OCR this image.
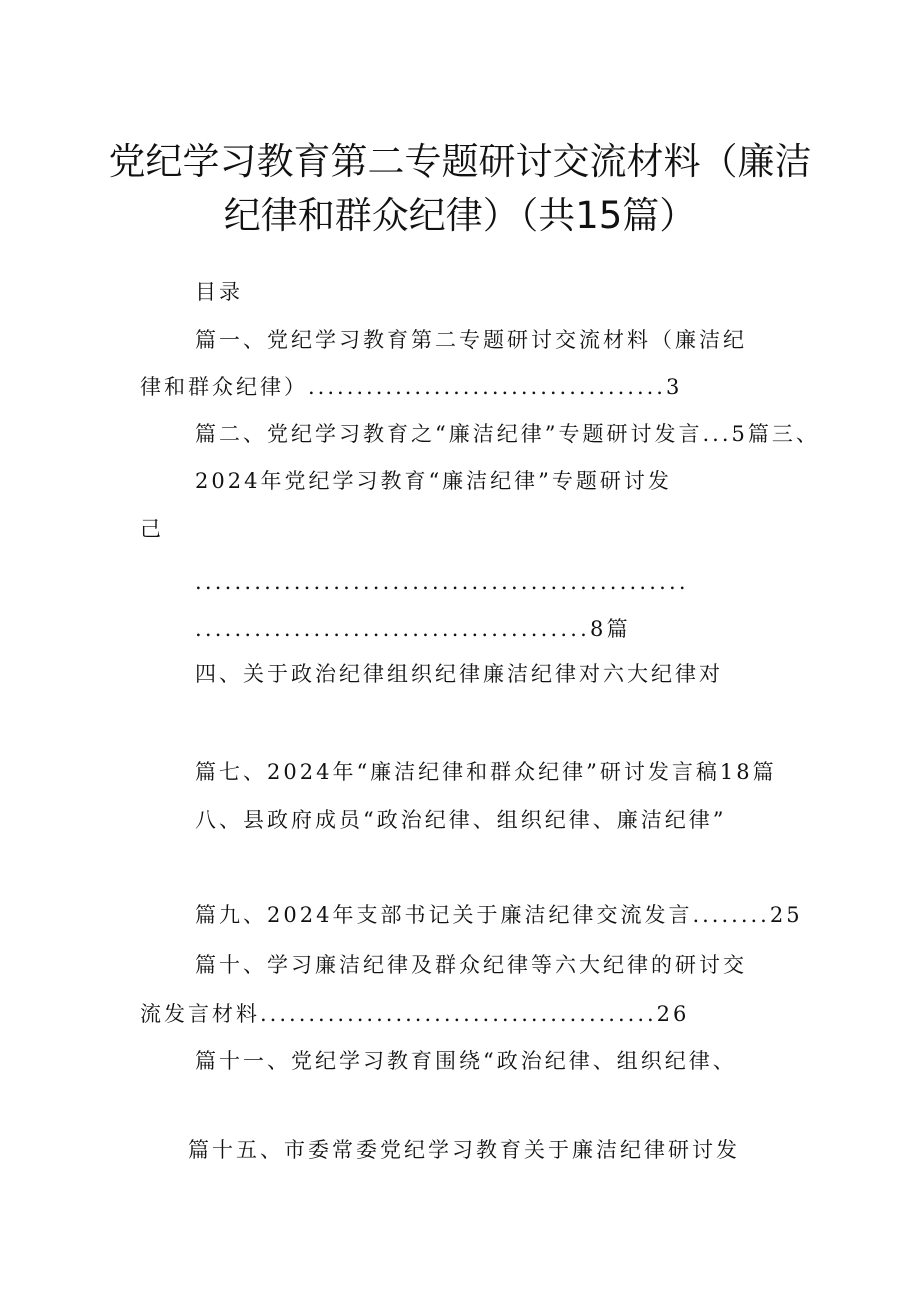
党纪学习教育第二专题研讨交流材料（廉洁
纪律和群众纪律）（共15篇）
目录
篇一、党纪学习教育第二专题研讨交流材料（廉洁纪
律和群众纪律）.....................................3
篇二、党纪学习教育之“廉洁纪律”专题研讨发言...5篇三、
2024年党纪学习教育“廉洁纪律”专题研讨发
己
..................................................
........................................8篇
四、关于政治纪律组织纪律廉洁纪律对六大纪律对
篇七、2024年“廉洁纪律和群众纪律”研讨发言稿18篇
八、县政府成员“政治纪律、组织纪律、廉洁纪律”
篇九、2024年支部书记关于廉洁纪律交流发言........25
篇十、学习廉洁纪律及群众纪律等六大纪律的研讨交
流发言材料.........................................26
篇十一、党纪学习教育围绕“政治纪律、组织纪律、
篇十五、市委常委党纪学习教育关于廉洁纪律研讨发
